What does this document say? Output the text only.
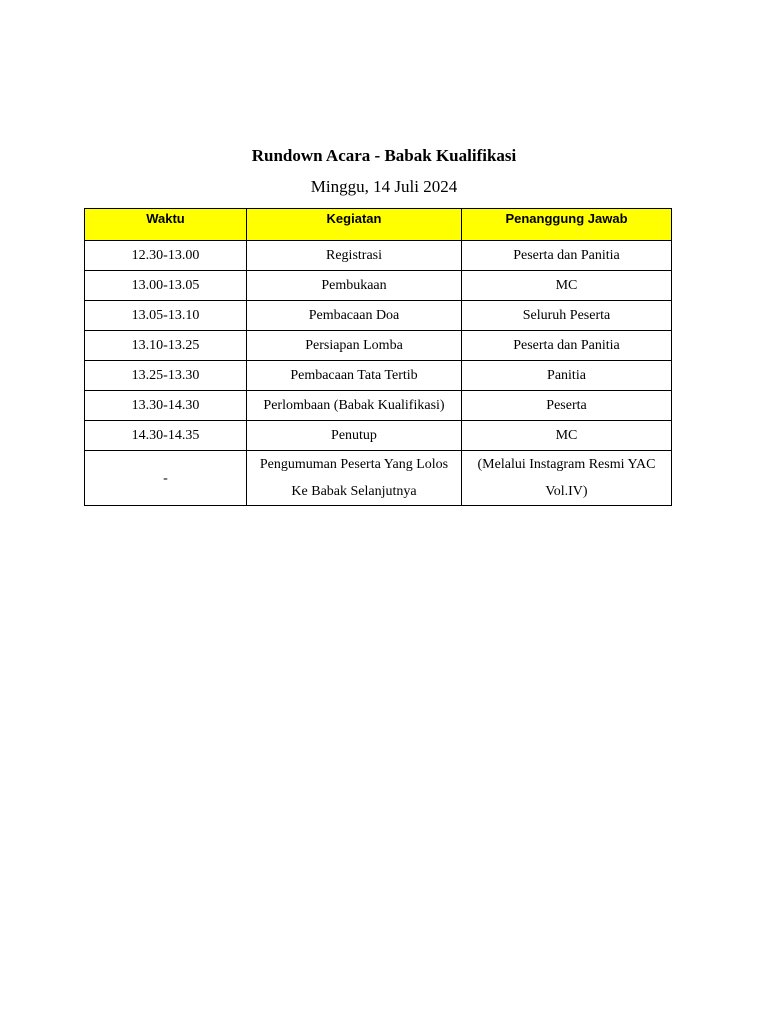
Rundown Acara - Babak Kualifikasi
Minggu, 14 Juli 2024
Waktu	Kegiatan	Penanggung Jawab
12.30-13.00	Registrasi	Peserta dan Panitia
13.00-13.05	Pembukaan	MC
13.05-13.10	Pembacaan Doa	Seluruh Peserta
13.10-13.25	Persiapan Lomba	Peserta dan Panitia
13.25-13.30	Pembacaan Tata Tertib	Panitia
13.30-14.30	Perlombaan (Babak Kualifikasi)	Peserta
14.30-14.35	Penutup	MC
-	Pengumuman Peserta Yang Lolos Ke Babak Selanjutnya	(Melalui Instagram Resmi YAC Vol.IV)
